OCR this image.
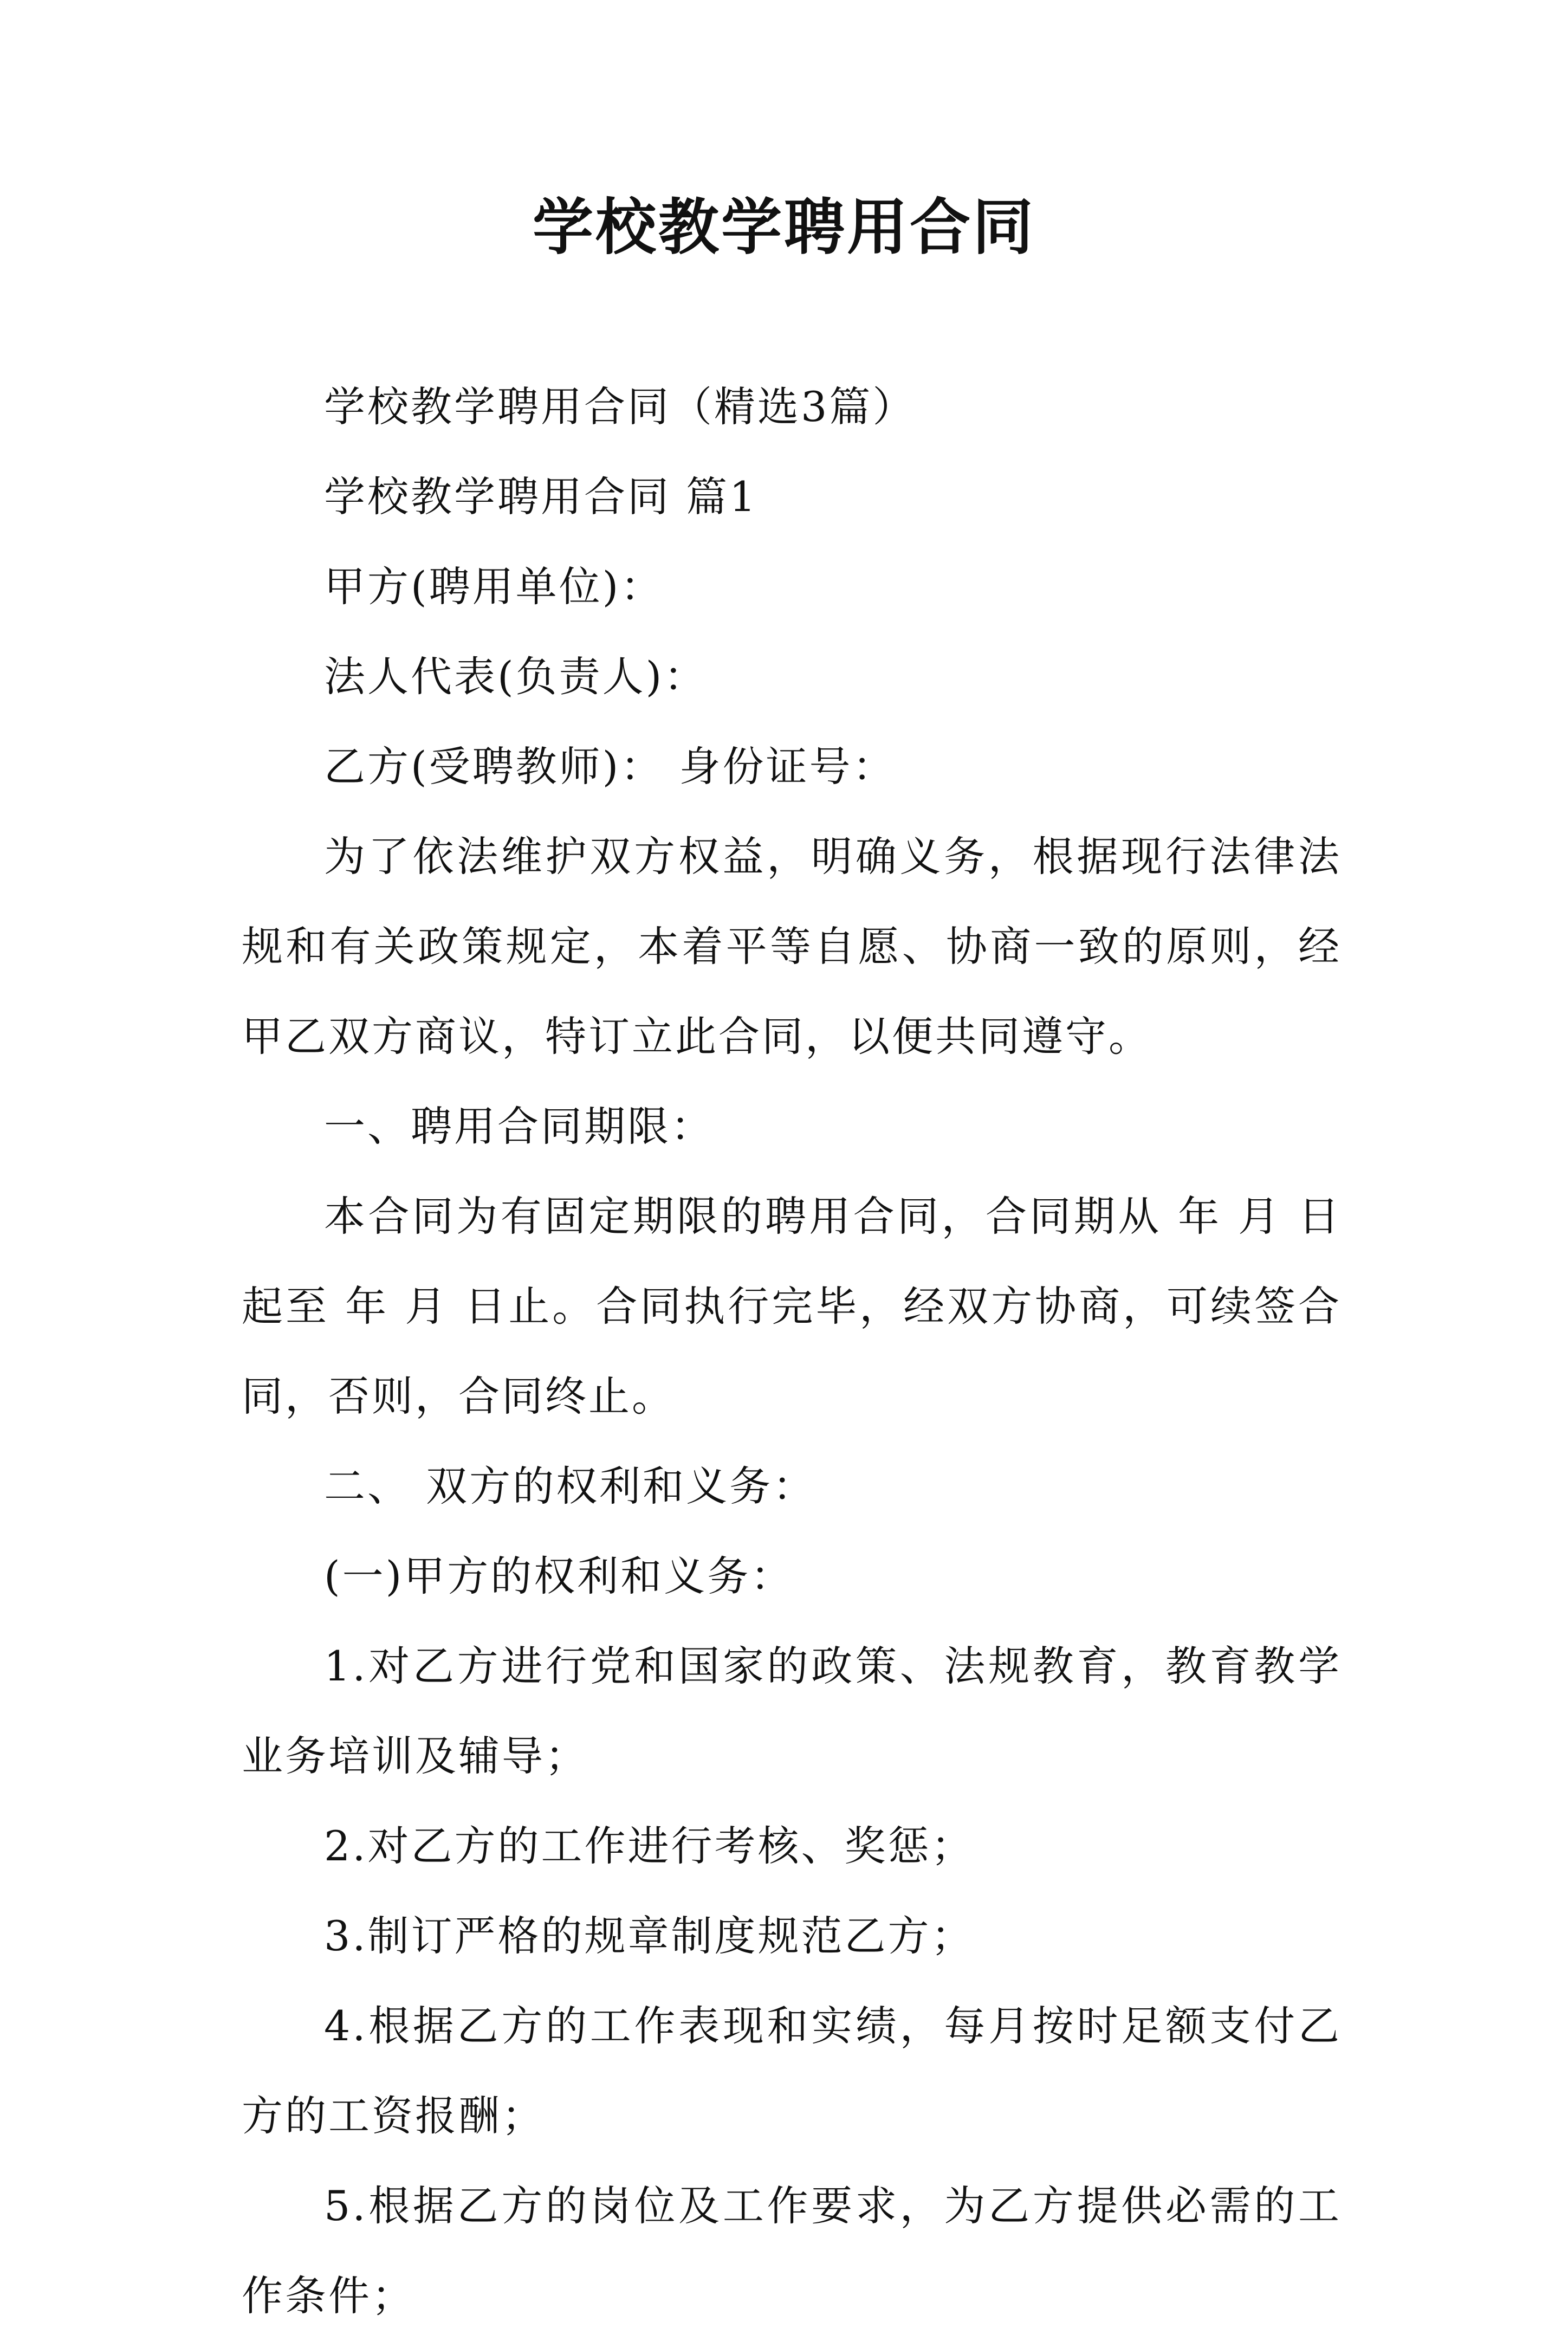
学校教学聘用合同

学校教学聘用合同（精选3篇）

学校教学聘用合同 篇1

甲方(聘用单位)：

法人代表(负责人)：

乙方(受聘教师)： 身份证号：

为了依法维护双方权益，明确义务，根据现行法律法规和有关政策规定，本着平等自愿、协商一致的原则，经甲乙双方商议，特订立此合同，以便共同遵守。

一、聘用合同期限：

本合同为有固定期限的聘用合同，合同期从 年 月 日起至 年 月 日止。合同执行完毕，经双方协商，可续签合同，否则，合同终止。

二、 双方的权利和义务：

(一)甲方的权利和义务：

1.对乙方进行党和国家的政策、法规教育，教育教学业务培训及辅导；

2.对乙方的工作进行考核、奖惩；

3.制订严格的规章制度规范乙方；

4.根据乙方的工作表现和实绩，每月按时足额支付乙方的工资报酬；

5.根据乙方的岗位及工作要求，为乙方提供必需的工作条件；
